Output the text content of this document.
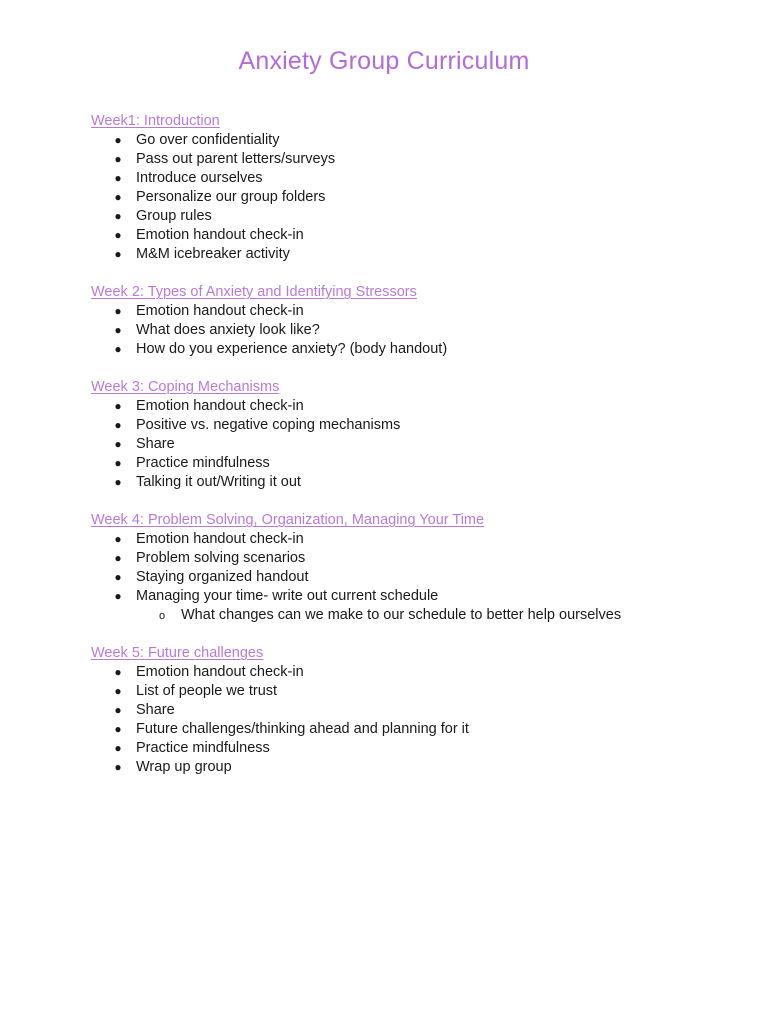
Anxiety Group Curriculum
Week1: Introduction
● Go over confidentiality
● Pass out parent letters/surveys
● Introduce ourselves
● Personalize our group folders
● Group rules
● Emotion handout check-in
● M&M icebreaker activity
Week 2: Types of Anxiety and Identifying Stressors
● Emotion handout check-in
● What does anxiety look like?
● How do you experience anxiety? (body handout)
Week 3: Coping Mechanisms
● Emotion handout check-in
● Positive vs. negative coping mechanisms
● Share
● Practice mindfulness
● Talking it out/Writing it out
Week 4: Problem Solving, Organization, Managing Your Time
● Emotion handout check-in
● Problem solving scenarios
● Staying organized handout
● Managing your time- write out current schedule
o What changes can we make to our schedule to better help ourselves
Week 5: Future challenges
● Emotion handout check-in
● List of people we trust
● Share
● Future challenges/thinking ahead and planning for it
● Practice mindfulness
● Wrap up group
